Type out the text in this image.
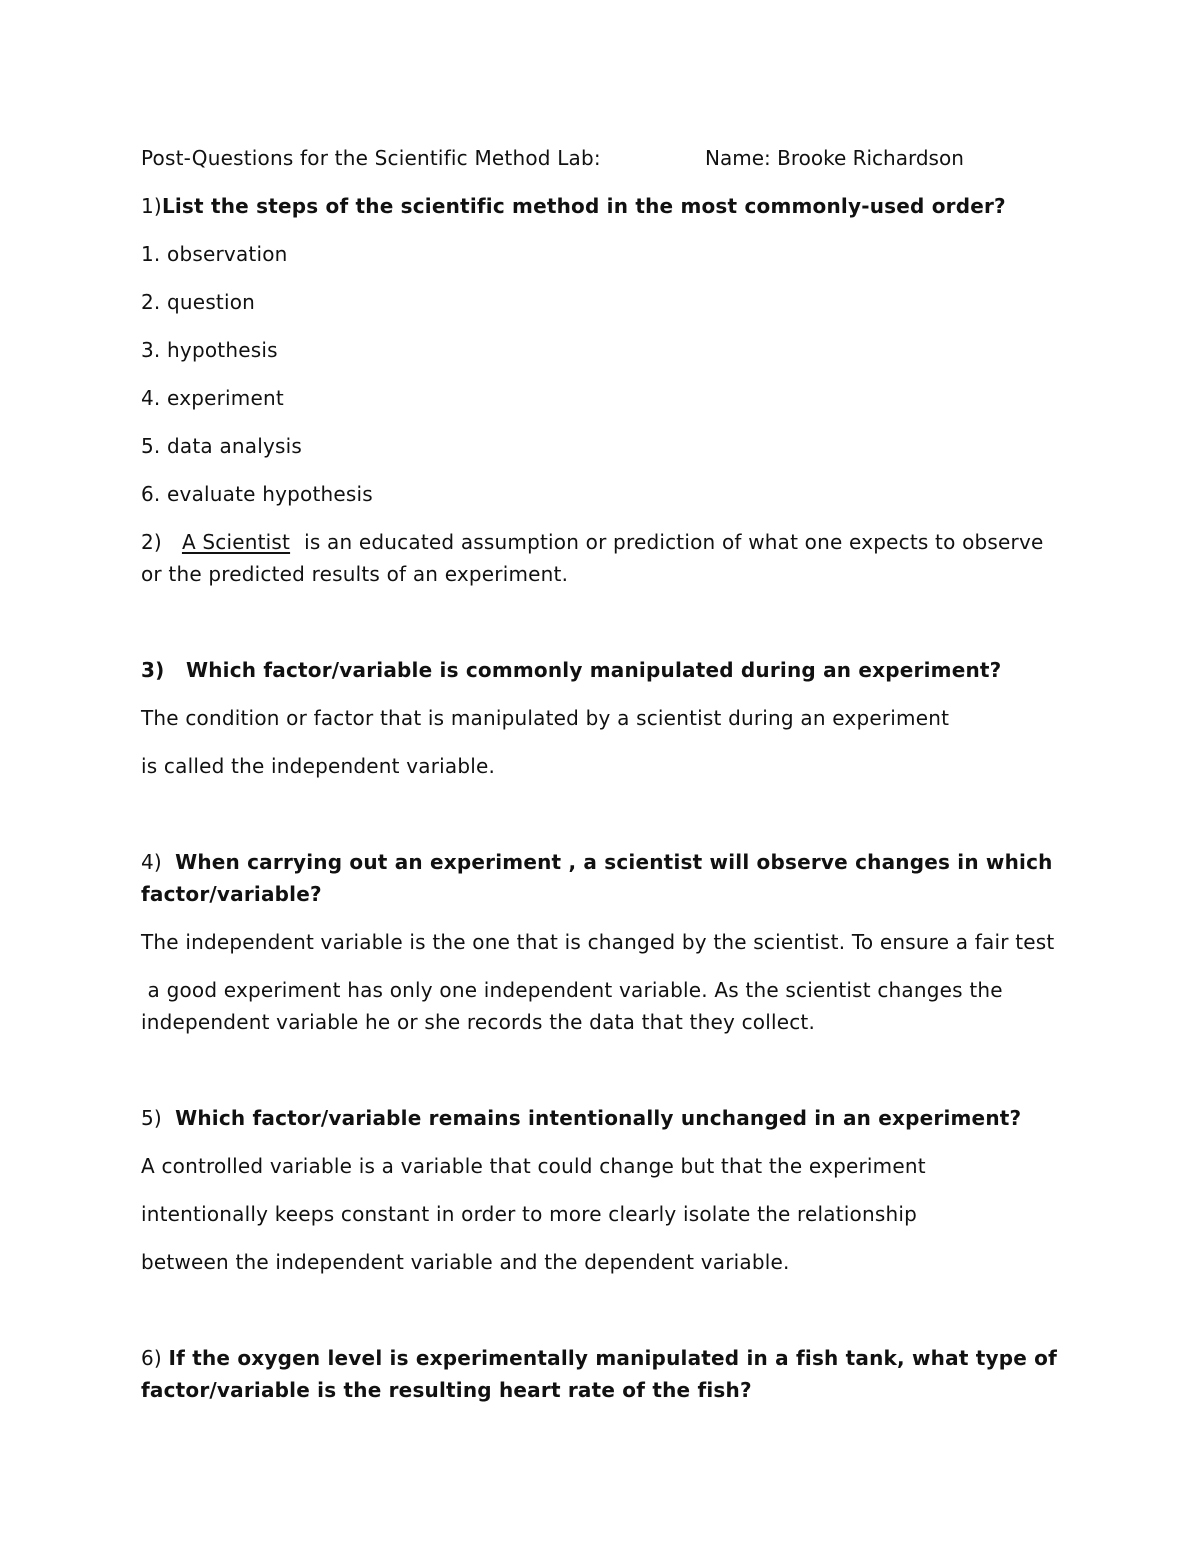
Post-Questions for the Scientific Method Lab:	Name: Brooke Richardson
1)List the steps of the scientific method in the most commonly-used order?
1. observation
2. question
3. hypothesis
4. experiment
5. data analysis
6. evaluate hypothesis
2) A Scientist is an educated assumption or prediction of what one expects to observe
or the predicted results of an experiment.
3)   Which factor/variable is commonly manipulated during an experiment?
The condition or factor that is manipulated by a scientist during an experiment
is called the independent variable.
4) When carrying out an experiment , a scientist will observe changes in which
factor/variable?
The independent variable is the one that is changed by the scientist. To ensure a fair test
a good experiment has only one independent variable. As the scientist changes the
independent variable he or she records the data that they collect.
5) Which factor/variable remains intentionally unchanged in an experiment?
A controlled variable is a variable that could change but that the experiment
intentionally keeps constant in order to more clearly isolate the relationship
between the independent variable and the dependent variable.
6) If the oxygen level is experimentally manipulated in a fish tank, what type of
factor/variable is the resulting heart rate of the fish?
